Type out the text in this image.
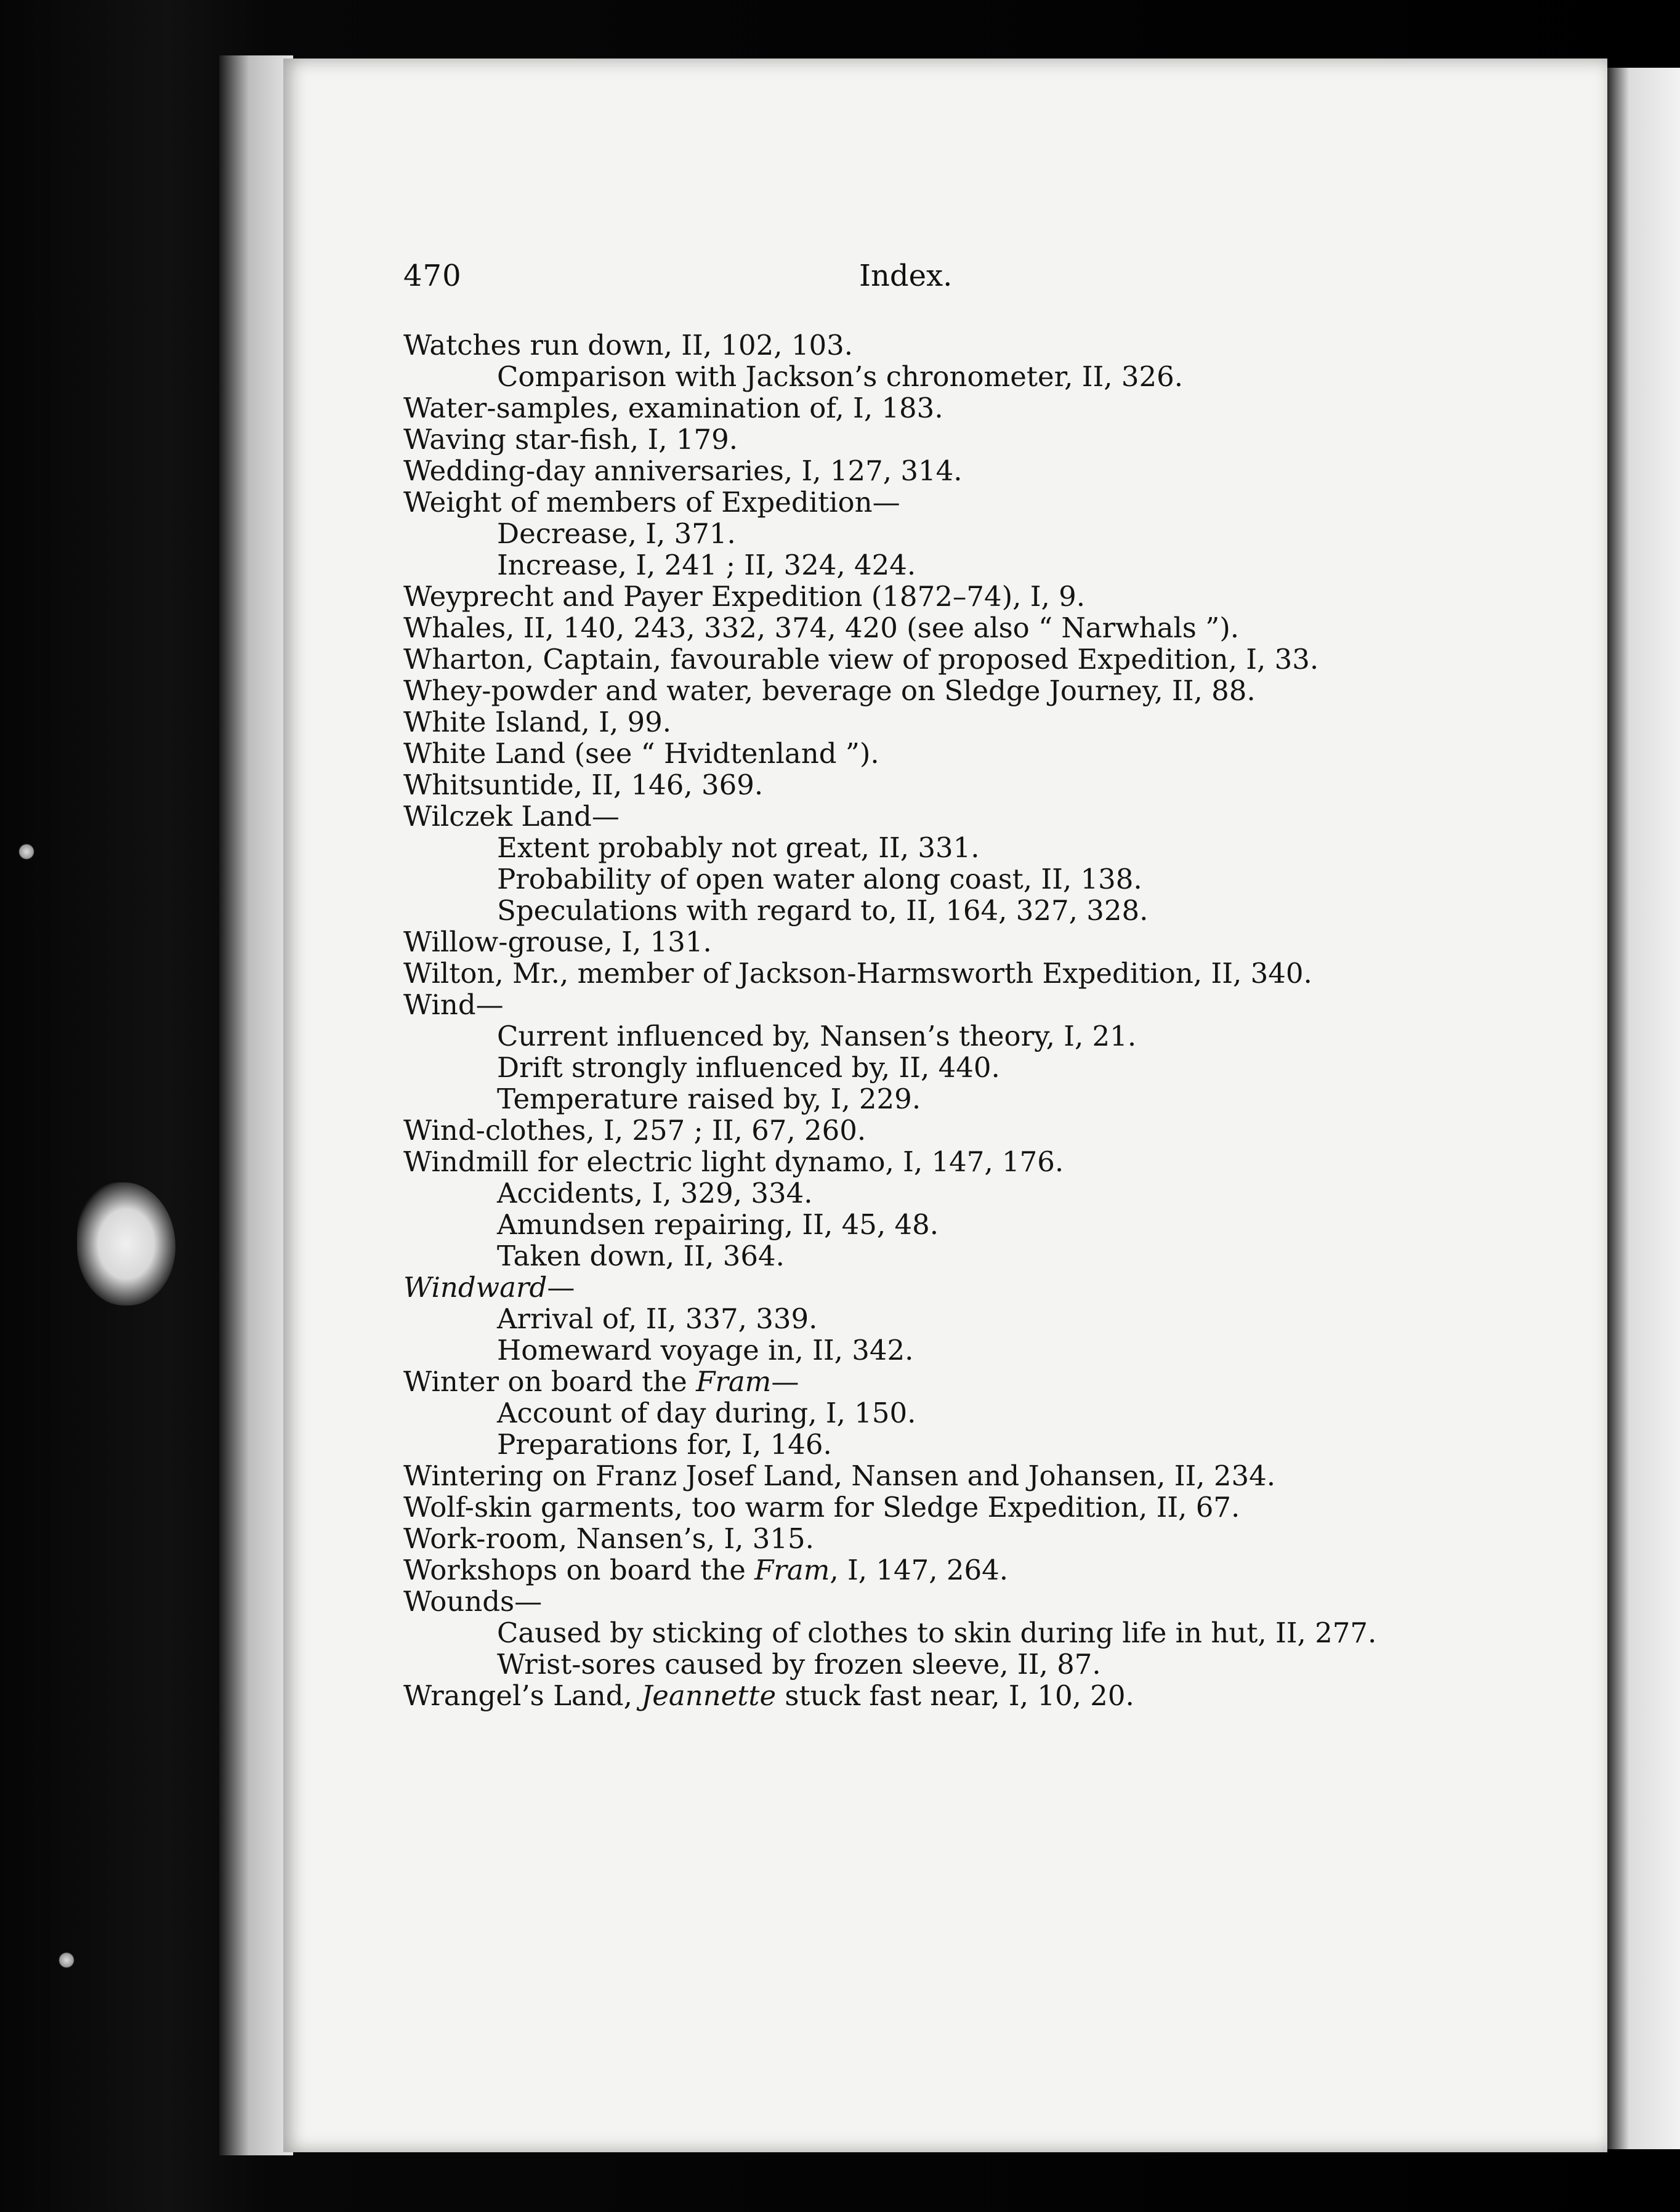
470	Index.
Watches run down, II, 102, 103.
Comparison with Jackson’s chronometer, II, 326.
Water-samples, examination of, I, 183.
Waving star-fish, I, 179.
Wedding-day anniversaries, I, 127, 314.
Weight of members of Expedition—
Decrease, I, 371.
Increase, I, 241 ; II, 324, 424.
Weyprecht and Payer Expedition (1872–74), I, 9.
Whales, II, 140, 243, 332, 374, 420 (see also “ Narwhals ”).
Wharton, Captain, favourable view of proposed Expedition, I, 33.
Whey-powder and water, beverage on Sledge Journey, II, 88.
White Island, I, 99.
White Land (see “ Hvidtenland ”).
Whitsuntide, II, 146, 369.
Wilczek Land—
Extent probably not great, II, 331.
Probability of open water along coast, II, 138.
Speculations with regard to, II, 164, 327, 328.
Willow-grouse, I, 131.
Wilton, Mr., member of Jackson-Harmsworth Expedition, II, 340.
Wind—
Current influenced by, Nansen’s theory, I, 21.
Drift strongly influenced by, II, 440.
Temperature raised by, I, 229.
Wind-clothes, I, 257 ; II, 67, 260.
Windmill for electric light dynamo, I, 147, 176.
Accidents, I, 329, 334.
Amundsen repairing, II, 45, 48.
Taken down, II, 364.
Windward—
Arrival of, II, 337, 339.
Homeward voyage in, II, 342.
Winter on board the Fram—
Account of day during, I, 150.
Preparations for, I, 146.
Wintering on Franz Josef Land, Nansen and Johansen, II, 234.
Wolf-skin garments, too warm for Sledge Expedition, II, 67.
Work-room, Nansen’s, I, 315.
Workshops on board the Fram, I, 147, 264.
Wounds—
Caused by sticking of clothes to skin during life in hut, II, 277.
Wrist-sores caused by frozen sleeve, II, 87.
Wrangel’s Land, Jeannette stuck fast near, I, 10, 20.
